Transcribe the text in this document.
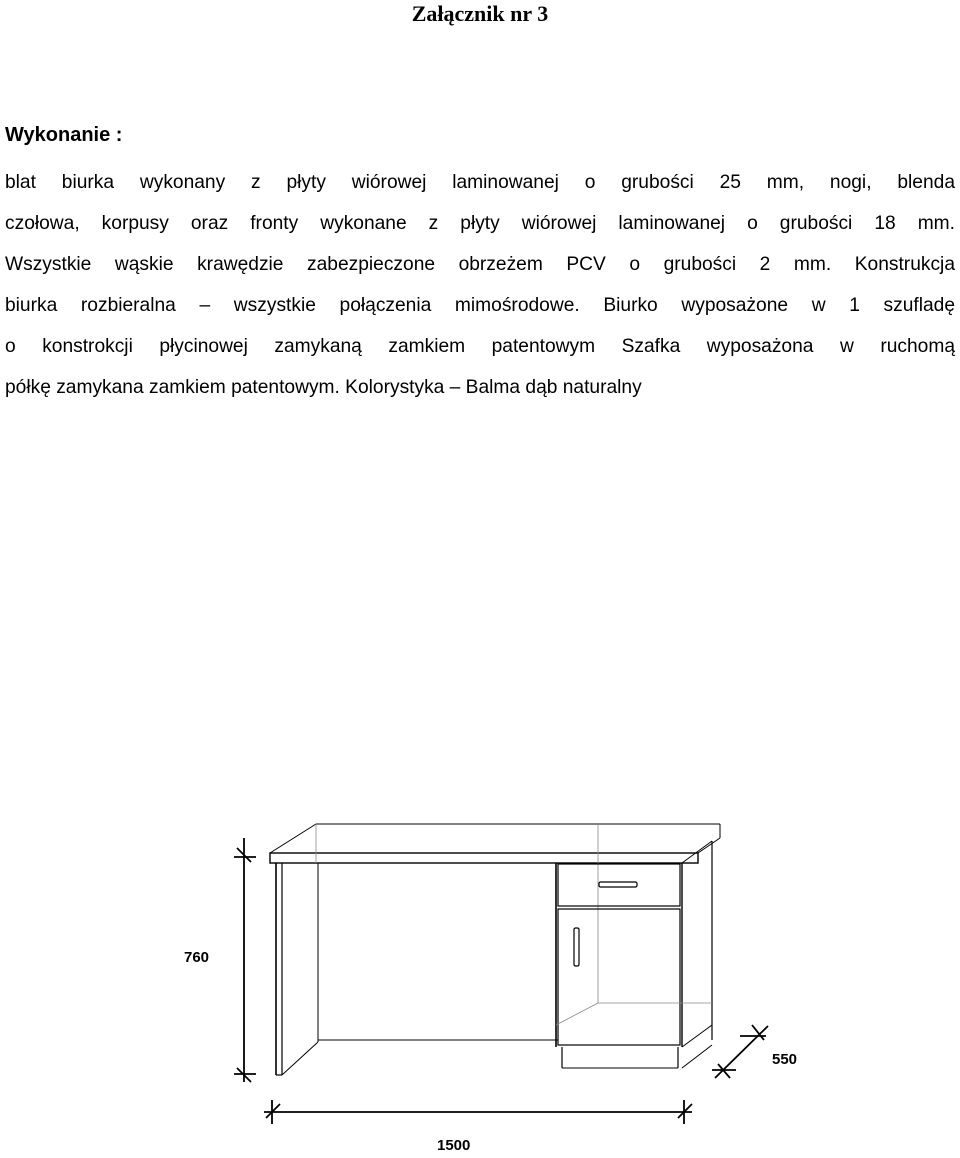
Załącznik nr 3
Wykonanie :
blat biurka wykonany z płyty wiórowej laminowanej o grubości 25 mm, nogi, blenda
czołowa, korpusy oraz fronty wykonane z płyty wiórowej laminowanej o grubości 18 mm.
Wszystkie wąskie krawędzie zabezpieczone obrzeżem PCV o grubości 2 mm. Konstrukcja
biurka rozbieralna – wszystkie połączenia mimośrodowe. Biurko wyposażone w 1 szufladę
o konstrokcji płycinowej zamykaną zamkiem patentowym Szafka wyposażona w ruchomą
półkę zamykana zamkiem patentowym. Kolorystyka – Balma dąb naturalny
760
1500
550
